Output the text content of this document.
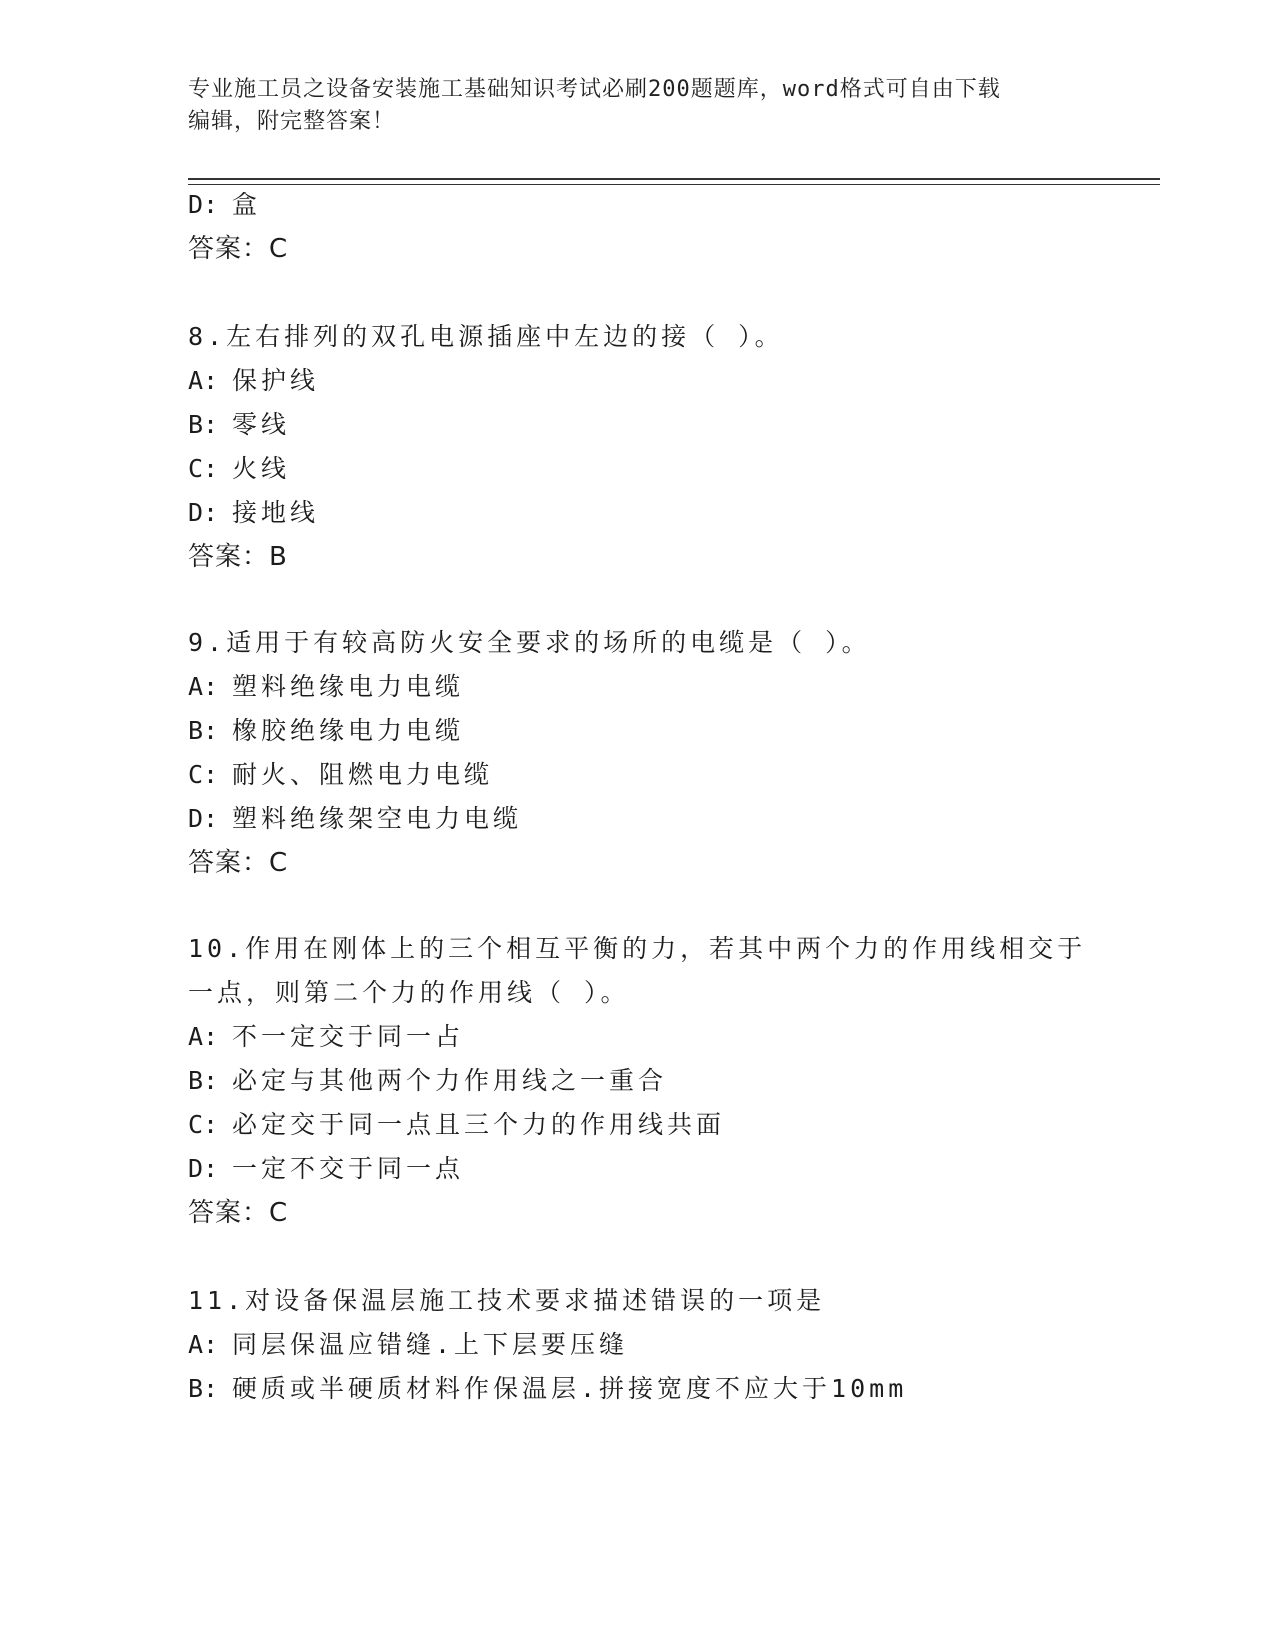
专业施工员之设备安装施工基础知识考试必刷200题题库，word格式可自由下载
编辑，附完整答案！
D: 盒
答案：C
8.左右排列的双孔电源插座中左边的接（ ）。
A: 保护线
B: 零线
C: 火线
D: 接地线
答案：B
9.适用于有较高防火安全要求的场所的电缆是（ ）。
A: 塑料绝缘电力电缆
B: 橡胶绝缘电力电缆
C: 耐火、阻燃电力电缆
D: 塑料绝缘架空电力电缆
答案：C
10.作用在刚体上的三个相互平衡的力，若其中两个力的作用线相交于
一点，则第二个力的作用线（ ）。
A: 不一定交于同一占
B: 必定与其他两个力作用线之一重合
C: 必定交于同一点且三个力的作用线共面
D: 一定不交于同一点
答案：C
11.对设备保温层施工技术要求描述错误的一项是
A: 同层保温应错缝.上下层要压缝
B: 硬质或半硬质材料作保温层.拼接宽度不应大于10mm
